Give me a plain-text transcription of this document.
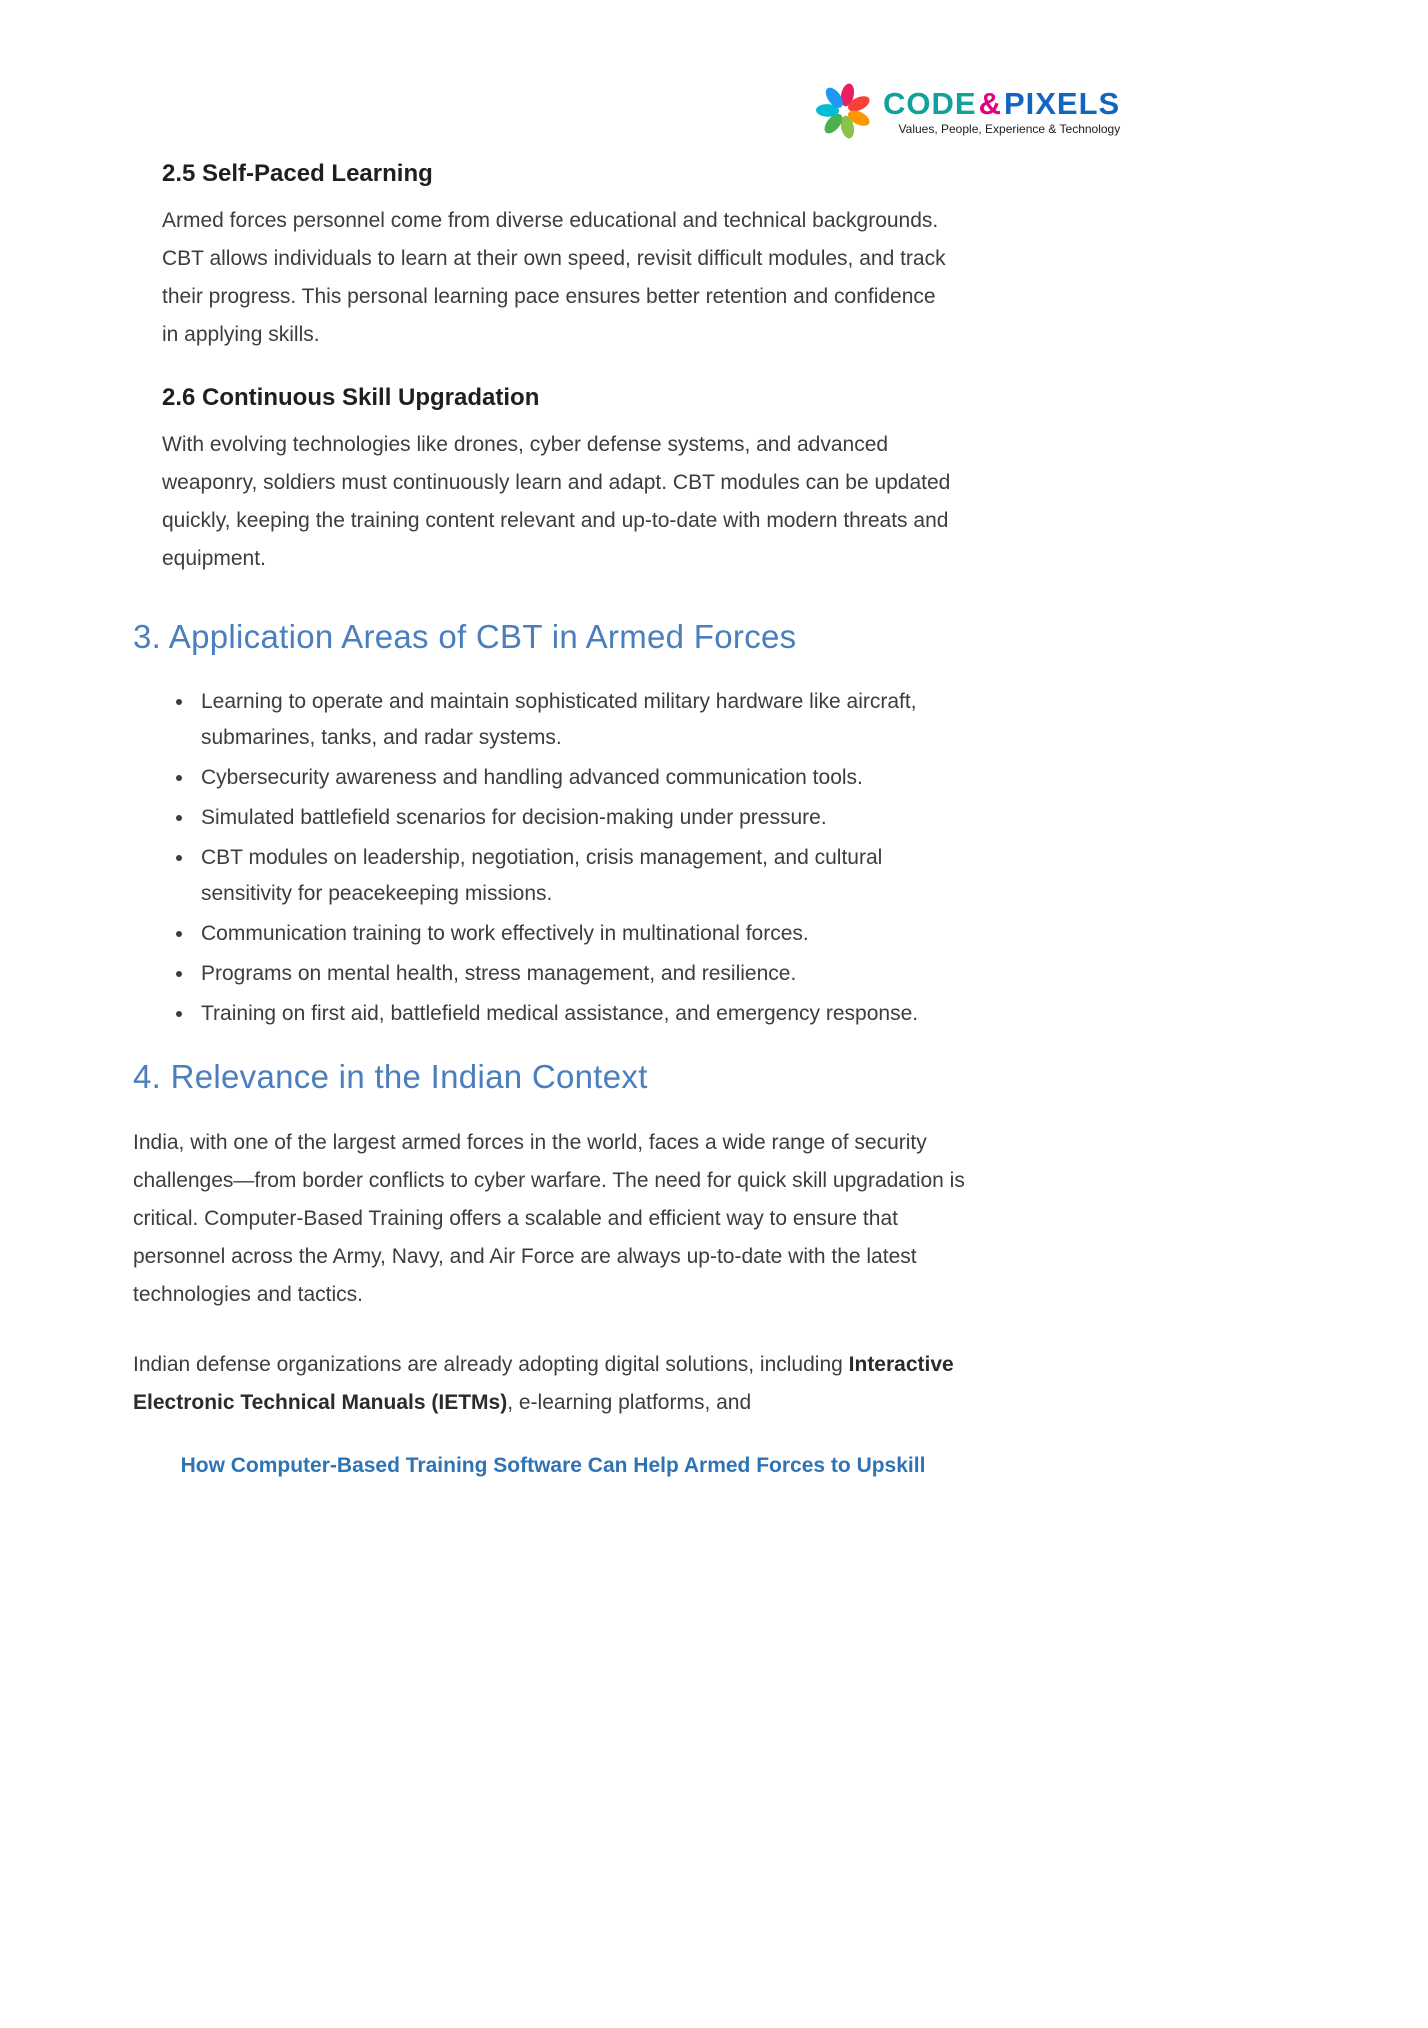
CODE&PIXELS
Values, People, Experience & Technology
2.5 Self-Paced Learning

Armed forces personnel come from diverse educational and technical backgrounds. CBT allows individuals to learn at their own speed, revisit difficult modules, and track their progress. This personal learning pace ensures better retention and confidence in applying skills.

2.6 Continuous Skill Upgradation

With evolving technologies like drones, cyber defense systems, and advanced weaponry, soldiers must continuously learn and adapt. CBT modules can be updated quickly, keeping the training content relevant and up-to-date with modern threats and equipment.

3. Application Areas of CBT in Armed Forces
• Learning to operate and maintain sophisticated military hardware like aircraft, submarines, tanks, and radar systems.
• Cybersecurity awareness and handling advanced communication tools.
• Simulated battlefield scenarios for decision-making under pressure.
• CBT modules on leadership, negotiation, crisis management, and cultural sensitivity for peacekeeping missions.
• Communication training to work effectively in multinational forces.
• Programs on mental health, stress management, and resilience.
• Training on first aid, battlefield medical assistance, and emergency response.
4. Relevance in the Indian Context

India, with one of the largest armed forces in the world, faces a wide range of security challenges—from border conflicts to cyber warfare. The need for quick skill upgradation is critical. Computer-Based Training offers a scalable and efficient way to ensure that personnel across the Army, Navy, and Air Force are always up-to-date with the latest technologies and tactics.

Indian defense organizations are already adopting digital solutions, including Interactive Electronic Technical Manuals (IETMs), e-learning platforms, and

How Computer-Based Training Software Can Help Armed Forces to Upskill
